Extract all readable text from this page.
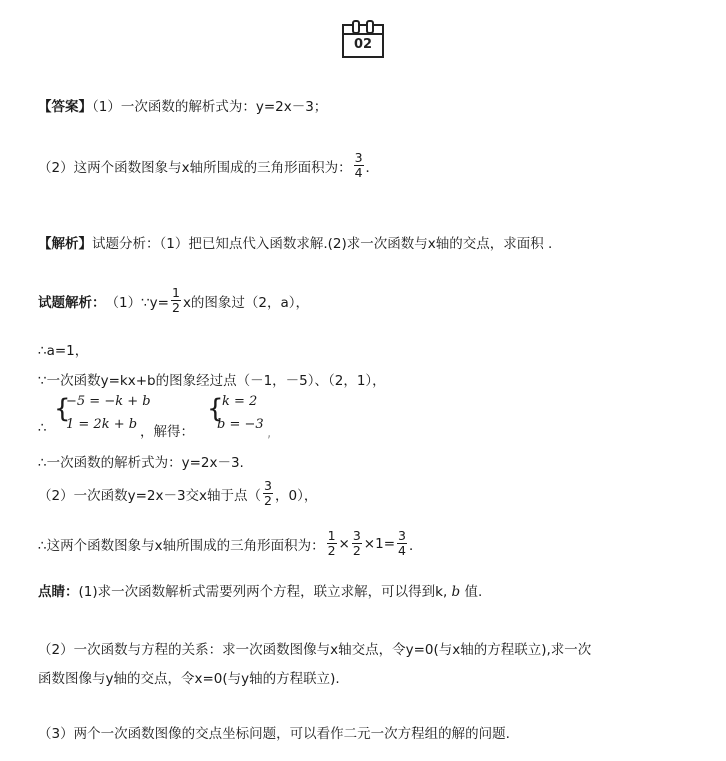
02
【答案】（1）一次函数的解析式为：y=2x－3；
（2）这两个函数图象与x轴所围成的三角形面积为： $\frac{3}{4}$ ．
【解析】试题分析：（1）把已知点代入函数求解.(2)求一次函数与x轴的交点，求面积 .
试题解析： （1）∵y= $\frac{1}{2}$ x的图象过（2，a），
∴a=1，
∵一次函数y=kx+b的图象经过点（－1，－5）、（2，1），
∴
{
−5 = −k + b
1 = 2k + b ，解得：
{
k = 2
b = −3
,
∴一次函数的解析式为：y=2x－3.
（2）一次函数y=2x－3交x轴于点（ $\frac{3}{2}$ ，0），
∴这两个函数图象与x轴所围成的三角形面积为： $\frac{1}{2} \times \frac{3}{2} \times 1= \frac{3}{4}$ ．
点睛：(1)求一次函数解析式需要列两个方程，联立求解，可以得到k, b 值.
（2）一次函数与方程的关系：求一次函数图像与x轴交点，令y=0(与x轴的方程联立),求一次
函数图像与y轴的交点，令x=0(与y轴的方程联立).
（3）两个一次函数图像的交点坐标问题，可以看作二元一次方程组的解的问题.
